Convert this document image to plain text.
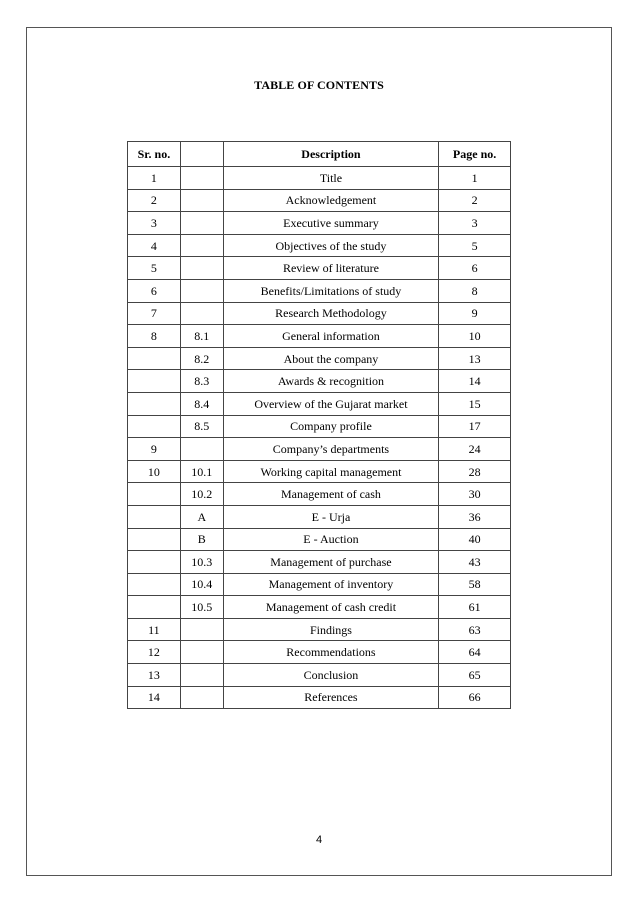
TABLE OF CONTENTS
Sr. no.		Description	Page no.
1		Title	1
2		Acknowledgement	2
3		Executive summary	3
4		Objectives of the study	5
5		Review of literature	6
6		Benefits/Limitations of study	8
7		Research Methodology	9
8	8.1	General information	10
	8.2	About the company	13
	8.3	Awards & recognition	14
	8.4	Overview of the Gujarat market	15
	8.5	Company profile	17
9		Company’s departments	24
10	10.1	Working capital management	28
	10.2	Management of cash	30
	A	E - Urja	36
	B	E - Auction	40
	10.3	Management of purchase	43
	10.4	Management of inventory	58
	10.5	Management of cash credit	61
11		Findings	63
12		Recommendations	64
13		Conclusion	65
14		References	66
4
